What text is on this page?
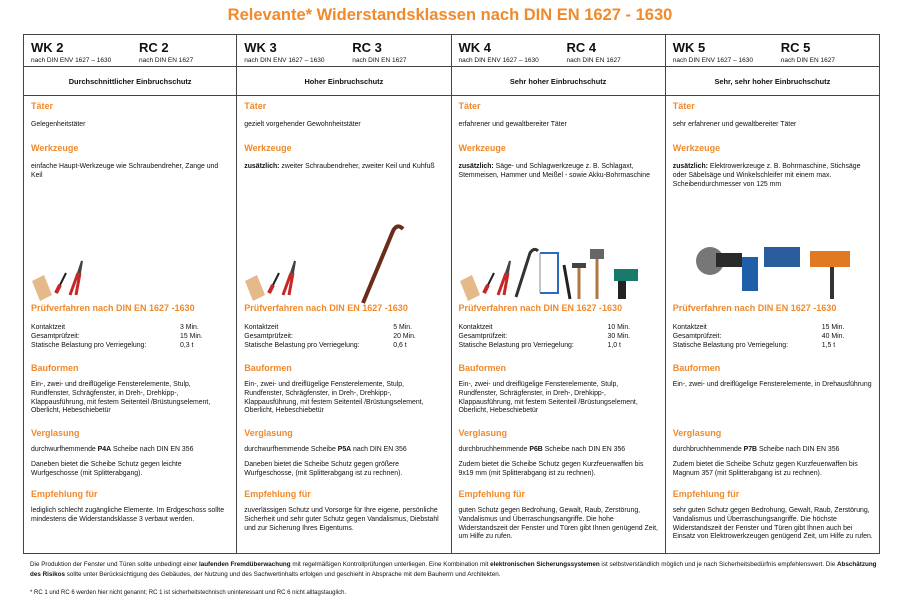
Relevante* Widerstandsklassen nach DIN EN 1627 - 1630
WK 2	RC 2
nach DIN ENV 1627 – 1630	nach DIN EN 1627
Durchschnittlicher Einbruchschutz
Täter
Gelegenheitstäter
Werkzeuge
einfache Haupt-Werkzeuge wie Schraubendreher, Zange und Keil
Prüfverfahren nach DIN EN 1627 -1630
Kontaktzeit	3 Min.
Gesamtprüfzeit:	15 Min.
Statische Belastung pro Verriegelung:	0,3 t
Bauformen
Ein-, zwei- und dreiflügelige Fensterelemente, Stulp, Rundfenster, Schrägfenster, in Dreh-, Drehkipp-, Klappausführung, mit festem Seitenteil /Brüstungselement, Oberlicht, Hebeschiebetür
Verglasung
durchwurfhemmende P4A Scheibe nach DIN EN 356
Daneben bietet die Scheibe Schutz gegen leichte Wurfgeschosse (mit Splitterabgang).
Empfehlung für
lediglich schlecht zugängliche Elemente. Im Erdgeschoss sollte mindestens die Widerstandsklasse 3 verbaut werden.
WK 3	RC 3
nach DIN ENV 1627 – 1630	nach DIN EN 1627
Hoher Einbruchschutz
Täter
gezielt vorgehender Gewohnheitstäter
Werkzeuge
zusätzlich: zweiter Schraubendreher, zweiter Keil und Kuhfuß
Prüfverfahren nach DIN EN 1627 -1630
Kontaktzeit	5 Min.
Gesamtprüfzeit:	20 Min.
Statische Belastung pro Verriegelung:	0,6 t
Bauformen
Ein-, zwei- und dreiflügelige Fensterelemente, Stulp, Rundfenster, Schrägfenster, in Dreh-, Drehkipp-, Klappausführung, mit festem Seitenteil /Brüstungselement, Oberlicht, Hebeschiebetür
Verglasung
durchwurfhemmende Scheibe P5A nach DIN EN 356
Daneben bietet die Scheibe Schutz gegen größere Wurfgeschosse, (mit Splitterabgang ist zu rechnen).
Empfehlung für
zuverlässigen Schutz und Vorsorge für Ihre eigene, persönliche Sicherheit und sehr guter Schutz gegen Vandalismus, Diebstahl und zur Sicherung Ihres Eigentums.
WK 4	RC 4
nach DIN ENV 1627 – 1630	nach DIN EN 1627
Sehr hoher Einbruchschutz
Täter
erfahrener und gewaltbereiter Täter
Werkzeuge
zusätzlich: Säge- und Schlagwerkzeuge z. B. Schlagaxt, Stemmeisen, Hammer und Meißel - sowie Akku-Bohrmaschine
Prüfverfahren nach DIN EN 1627 -1630
Kontaktzeit	10 Min.
Gesamtprüfzeit:	30 Min.
Statische Belastung pro Verriegelung:	1,0 t
Bauformen
Ein-, zwei- und dreiflügelige Fensterelemente, Stulp, Rundfenster, Schrägfenster, in Dreh-, Drehkipp-, Klappausführung, mit festem Seitenteil /Brüstungselement, Oberlicht, Hebeschiebetür
Verglasung
durchbruchhemmende P6B Scheibe nach DIN EN 356
Zudem bietet die Scheibe Schutz gegen Kurzfeuerwaffen bis 9x19 mm (mit Splitterabgang ist zu rechnen).
Empfehlung für
guten Schutz gegen Bedrohung, Gewalt, Raub, Zerstörung, Vandalismus und Überraschungsangriffe. Die hohe Widerstandszeit der Fenster und Türen gibt Ihnen genügend Zeit, um Hilfe zu rufen.
WK 5	RC 5
nach DIN ENV 1627 – 1630	nach DIN EN 1627
Sehr, sehr hoher Einbruchschutz
Täter
sehr erfahrener und gewaltbereiter Täter
Werkzeuge
zusätzlich: Elektrowerkzeuge z. B. Bohrmaschine, Stichsäge oder Säbelsäge und Winkelschleifer mit einem max. Scheibendurchmesser von 125 mm
Prüfverfahren nach DIN EN 1627 -1630
Kontaktzeit	15 Min.
Gesamtprüfzeit:	40 Min.
Statische Belastung pro Verriegelung:	1,5 t
Bauformen
Ein-, zwei- und dreiflügelige Fensterelemente, in Drehausführung
Verglasung
durchbruchhemmende P7B Scheibe nach DIN EN 356
Zudem bietet die Scheibe Schutz gegen Kurzfeuerwaffen bis Magnum 357 (mit Splitterabgang ist zu rechnen).
Empfehlung für
sehr guten Schutz gegen Bedrohung, Gewalt, Raub, Zerstörung, Vandalismus und Überraschungsangriffe. Die höchste Widerstandszeit der Fenster und Türen gibt Ihnen auch bei Einsatz von Elektrowerkzeugen genügend Zeit, um Hilfe zu rufen.
Die Produktion der Fenster und Türen sollte unbedingt einer laufenden Fremdüberwachung mit regelmäßigen Kontrollprüfungen unterliegen. Eine Kombination mit elektronischen Sicherungssystemen ist selbstverständlich möglich und je nach Sicherheitsbedürfnis empfehlenswert. Die Abschätzung des Risikos sollte unter Berücksichtigung des Gebäudes, der Nutzung und des Sachwertinhalts erfolgen und geschieht in Absprache mit dem Bauherrn und Architekten.
* RC 1 und RC 6 werden hier nicht genannt; RC 1 ist sicherheitstechnisch uninteressant und RC 6 nicht alltagstauglich.
